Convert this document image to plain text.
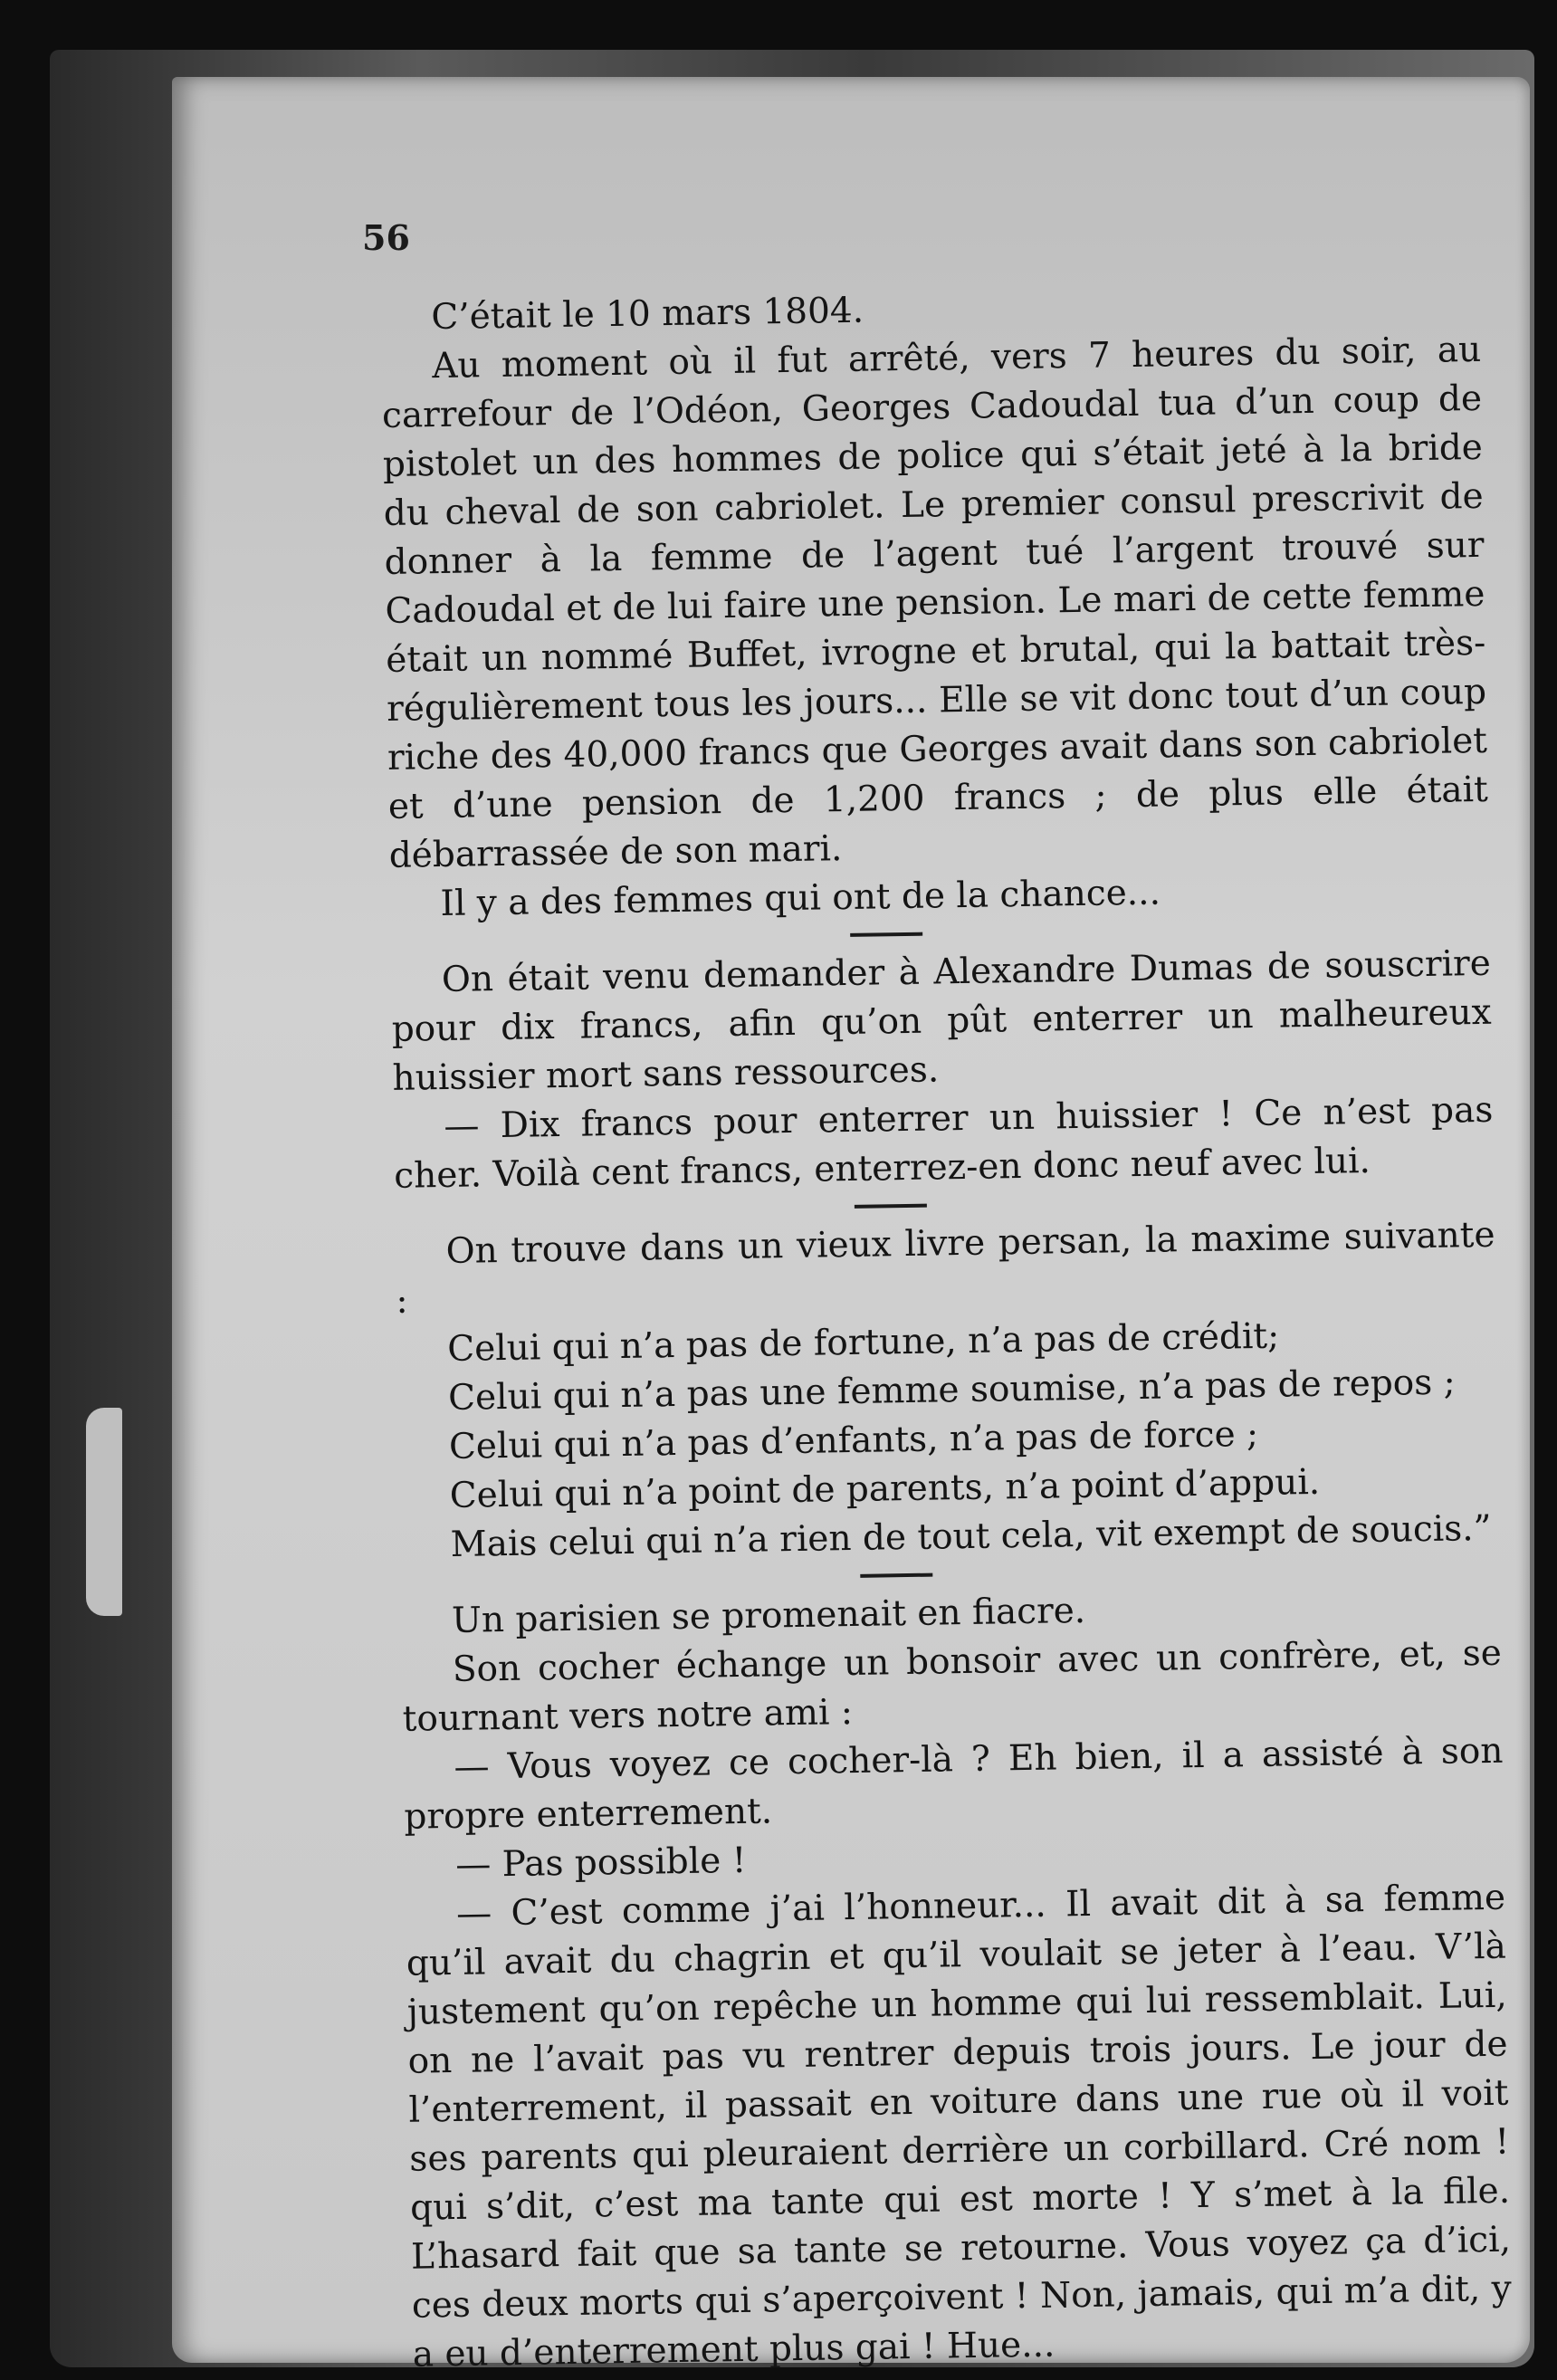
56

C’était le 10 mars 1804.

Au moment où il fut arrêté, vers 7 heures du soir, au carrefour de l’Odéon, Georges Cadoudal tua d’un coup de pistolet un des hommes de police qui s’était jeté à la bride du cheval de son cabriolet. Le premier consul prescrivit de donner à la femme de l’agent tué l’argent trouvé sur Cadoudal et de lui faire une pension. Le mari de cette femme était un nommé Buffet, ivrogne et brutal, qui la battait très-régulièrement tous les jours... Elle se vit donc tout d’un coup riche des 40,000 francs que Georges avait dans son cabriolet et d’une pension de 1,200 francs ; de plus elle était débarrassée de son mari.

Il y a des femmes qui ont de la chance...

On était venu demander à Alexandre Dumas de souscrire pour dix francs, afin qu’on pût enterrer un malheureux huissier mort sans ressources.

— Dix francs pour enterrer un huissier ! Ce n’est pas cher. Voilà cent francs, enterrez-en donc neuf avec lui.

On trouve dans un vieux livre persan, la maxime suivante :

Celui qui n’a pas de fortune, n’a pas de crédit;

Celui qui n’a pas une femme soumise, n’a pas de repos ;

Celui qui n’a pas d’enfants, n’a pas de force ;

Celui qui n’a point de parents, n’a point d’appui.

Mais celui qui n’a rien de tout cela, vit exempt de soucis.”

Un parisien se promenait en fiacre.

Son cocher échange un bonsoir avec un confrère, et, se tournant vers notre ami :

— Vous voyez ce cocher-là ? Eh bien, il a assisté à son propre enterrement.

— Pas possible !

— C’est comme j’ai l’honneur... Il avait dit à sa femme qu’il avait du chagrin et qu’il voulait se jeter à l’eau. V’là justement qu’on repêche un homme qui lui ressemblait. Lui, on ne l’avait pas vu rentrer depuis trois jours. Le jour de l’enterrement, il passait en voiture dans une rue où il voit ses parents qui pleuraient derrière un corbillard. Cré nom ! qui s’dit, c’est ma tante qui est morte ! Y s’met à la file. L’hasard fait que sa tante se retourne. Vous voyez ça d’ici, ces deux morts qui s’aperçoivent ! Non, jamais, qui m’a dit, y a eu d’enterrement plus gai ! Hue...
